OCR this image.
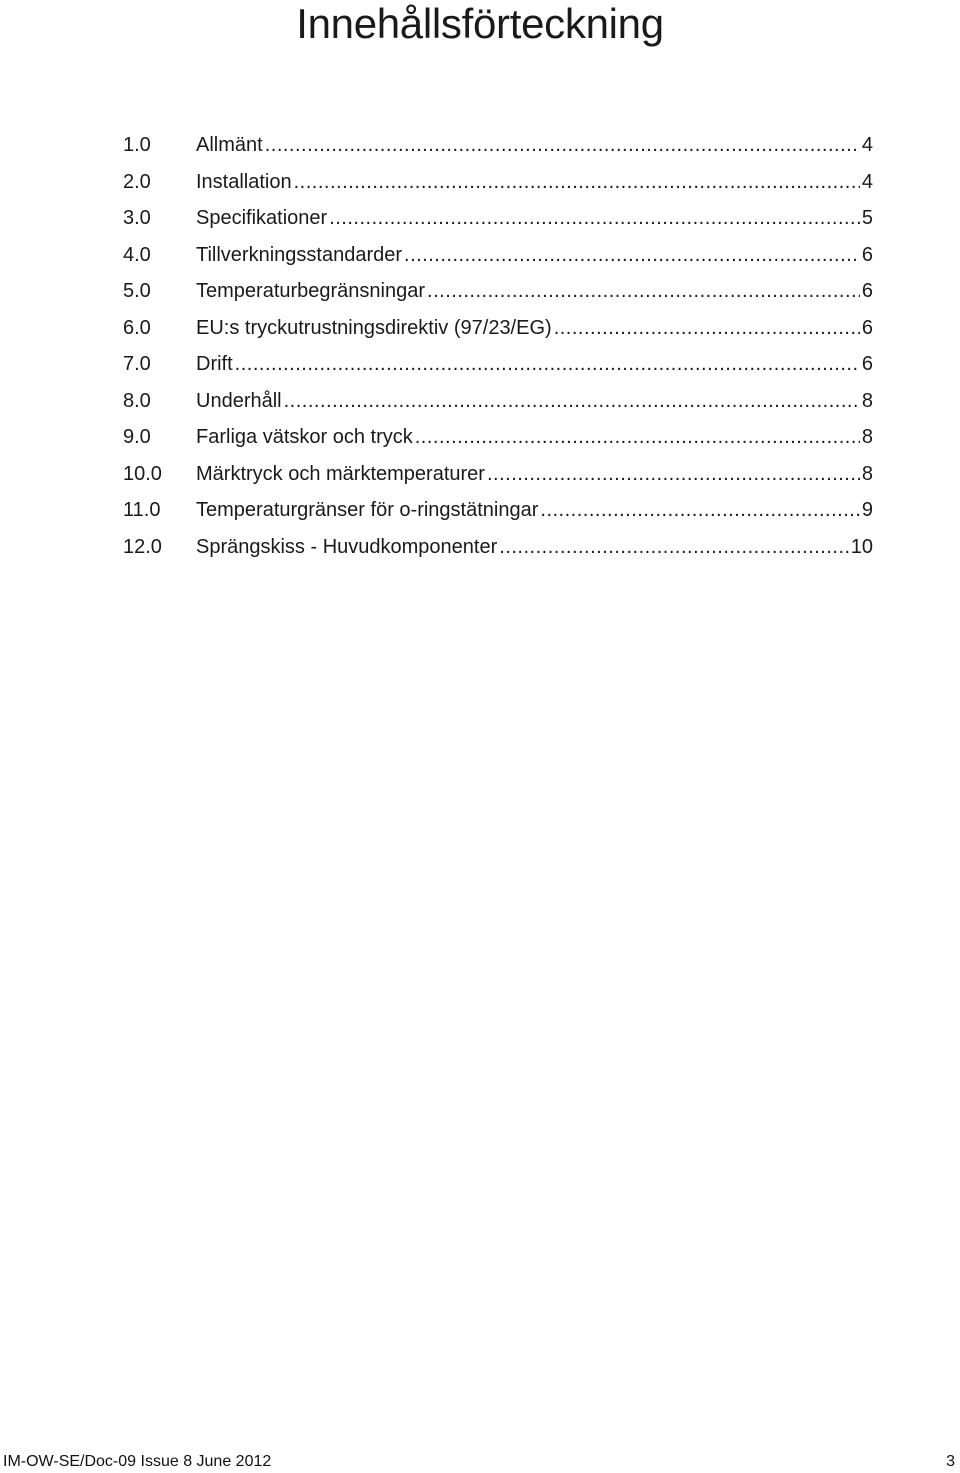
Innehållsförteckning
1.0	Allmänt .....	4
2.0	Installation .....	4
3.0	Specifikationer .....	5
4.0	Tillverkningsstandarder .....	6
5.0	Temperaturbegränsningar .....	6
6.0	EU:s tryckutrustningsdirektiv (97/23/EG) .....	6
7.0	Drift .....	6
8.0	Underhåll .....	8
9.0	Farliga vätskor och tryck .....	8
10.0	Märktryck och märktemperaturer .....	8
11.0	Temperaturgränser för o-ringstätningar .....	9
12.0	Sprängskiss - Huvudkomponenter .....	10
IM-OW-SE/Doc-09 Issue 8 June 2012	3
